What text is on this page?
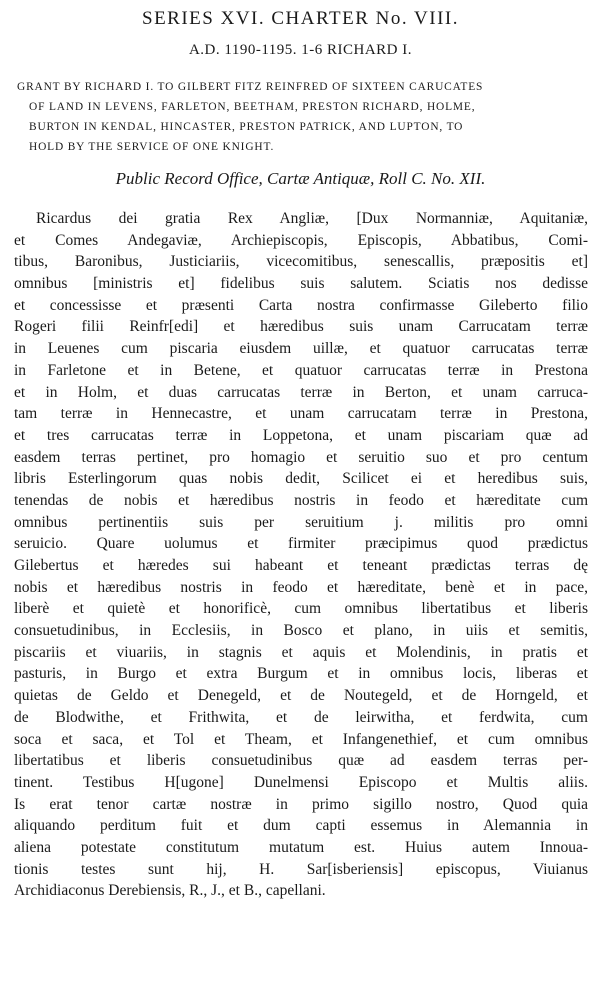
SERIES XVI. CHARTER No. VIII.
A.D. 1190-1195. 1-6 RICHARD I.
GRANT BY RICHARD I. TO GILBERT FITZ REINFRED OF SIXTEEN CARUCATES
OF LAND IN LEVENS, FARLETON, BEETHAM, PRESTON RICHARD, HOLME,
BURTON IN KENDAL, HINCASTER, PRESTON PATRICK, AND LUPTON, TO
HOLD BY THE SERVICE OF ONE KNIGHT.
Public Record Office, Cartæ Antiquæ, Roll C. No. XII.
Ricardus dei gratia Rex Angliæ, [Dux Normanniæ, Aquitaniæ,
et Comes Andegaviæ, Archiepiscopis, Episcopis, Abbatibus, Comi-
tibus, Baronibus, Justiciariis, vicecomitibus, senescallis, præpositis et]
omnibus [ministris et] fidelibus suis salutem. Sciatis nos dedisse
et concessisse et præsenti Carta nostra confirmasse Gileberto filio
Rogeri filii Reinfr[edi] et hæredibus suis unam Carrucatam terræ
in Leuenes cum piscaria eiusdem uillæ, et quatuor carrucatas terræ
in Farletone et in Betene, et quatuor carrucatas terræ in Prestona
et in Holm, et duas carrucatas terræ in Berton, et unam carruca-
tam terræ in Hennecastre, et unam carrucatam terræ in Prestona,
et tres carrucatas terræ in Loppetona, et unam piscariam quæ ad
easdem terras pertinet, pro homagio et seruitio suo et pro centum
libris Esterlingorum quas nobis dedit, Scilicet ei et heredibus suis,
tenendas de nobis et hæredibus nostris in feodo et hæreditate cum
omnibus pertinentiis suis per seruitium j. militis pro omni
seruicio. Quare uolumus et firmiter præcipimus quod prædictus
Gilebertus et hæredes sui habeant et teneant prædictas terras dę
nobis et hæredibus nostris in feodo et hæreditate, benè et in pace,
liberè et quietè et honorificè, cum omnibus libertatibus et liberis
consuetudinibus, in Ecclesiis, in Bosco et plano, in uiis et semitis,
piscariis et viuariis, in stagnis et aquis et Molendinis, in pratis et
pasturis, in Burgo et extra Burgum et in omnibus locis, liberas et
quietas de Geldo et Denegeld, et de Noutegeld, et de Horngeld, et
de Blodwithe, et Frithwita, et de leirwitha, et ferdwita, cum
soca et saca, et Tol et Theam, et Infangenethief, et cum omnibus
libertatibus et liberis consuetudinibus quæ ad easdem terras per-
tinent. Testibus H[ugone] Dunelmensi Episcopo et Multis aliis.
Is erat tenor cartæ nostræ in primo sigillo nostro, Quod quia
aliquando perditum fuit et dum capti essemus in Alemannia in
aliena potestate constitutum mutatum est. Huius autem Innoua-
tionis testes sunt hij, H. Sar[isberiensis] episcopus, Viuianus
Archidiaconus Derebiensis, R., J., et B., capellani.
